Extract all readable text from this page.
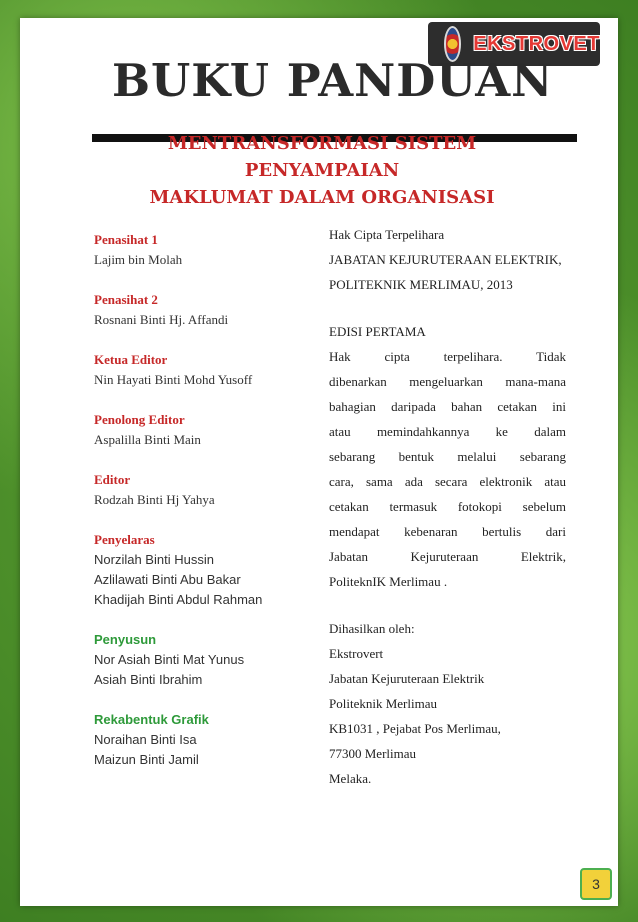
EKSTROVET
BUKU PANDUAN
MENTRANSFORMASI SISTEM PENYAMPAIAN
MAKLUMAT DALAM ORGANISASI
Penasihat 1
Lajim bin Molah
Penasihat 2
Rosnani Binti Hj. Affandi
Ketua Editor
Nin Hayati Binti Mohd Yusoff
Penolong Editor
Aspalilla Binti Main
Editor
Rodzah Binti Hj Yahya
Penyelaras
Norzilah Binti Hussin
Azlilawati Binti Abu Bakar
Khadijah Binti Abdul Rahman
Penyusun
Nor Asiah Binti Mat Yunus
Asiah Binti Ibrahim
Rekabentuk Grafik
Noraihan Binti Isa
Maizun Binti Jamil
Hak Cipta Terpelihara
JABATAN KEJURUTERAAN ELEKTRIK,
POLITEKNIK MERLIMAU, 2013
EDISI PERTAMA
Hak cipta terpelihara. Tidak
dibenarkan mengeluarkan mana-mana
bahagian daripada bahan cetakan ini
atau memindahkannya ke dalam
sebarang bentuk melalui sebarang
cara, sama ada secara elektronik atau
cetakan termasuk fotokopi sebelum
mendapat kebenaran bertulis dari
Jabatan Kejuruteraan Elektrik,
PoliteknIK Merlimau .
Dihasilkan oleh:
Ekstrovert
Jabatan Kejuruteraan Elektrik
Politeknik Merlimau
KB1031 , Pejabat Pos Merlimau,
77300 Merlimau
Melaka.
3
